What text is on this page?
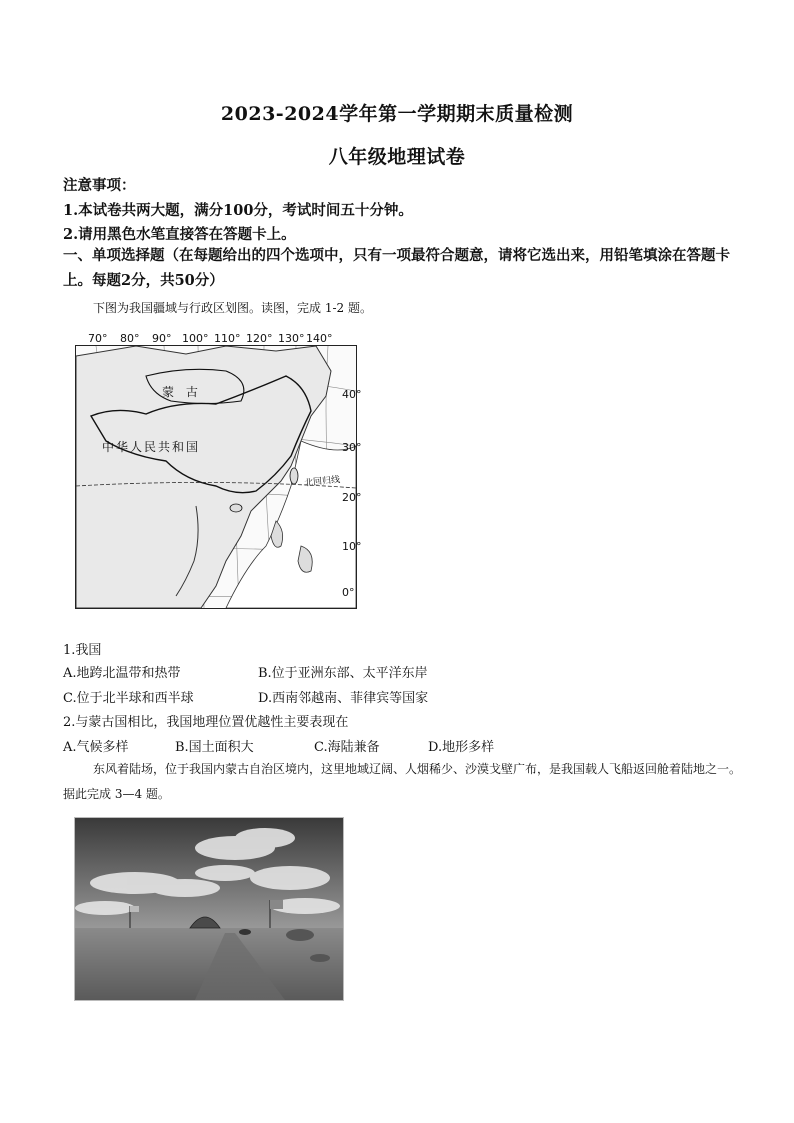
2023-2024学年第一学期期末质量检测
八年级地理试卷
注意事项：
1.本试卷共两大题，满分100分，考试时间五十分钟。
2.请用黑色水笔直接答在答题卡上。
一、单项选择题（在每题给出的四个选项中，只有一项最符合题意，请将它选出来，用铅笔填涂在答题卡上。每题2分，共50分）
下图为我国疆域与行政区划图。读图，完成 1-2 题。
70° 80° 90° 100° 110° 120° 130° 140°
蒙 古
中华人民共和国
北回归线
40°
30°
20°
10°
0°
1.我国
A.地跨北温带和热带	B.位于亚洲东部、太平洋东岸
C.位于北半球和西半球	D.西南邻越南、菲律宾等国家
2.与蒙古国相比，我国地理位置优越性主要表现在
A.气候多样	B.国土面积大	C.海陆兼备	D.地形多样
东风着陆场，位于我国内蒙古自治区境内，这里地域辽阔、人烟稀少、沙漠戈壁广布，是我国载人飞船返回舱着陆地之一。据此完成 3—4 题。
